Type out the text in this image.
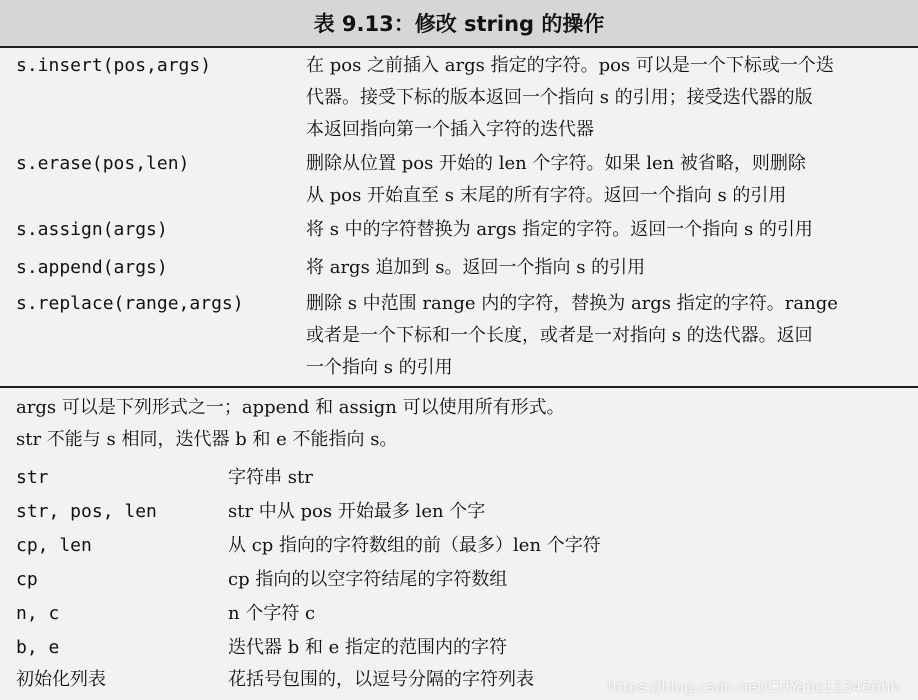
表 9.13：修改 string 的操作
s.insert(pos,args)	在 pos 之前插入 args 指定的字符。pos 可以是一个下标或一个迭
代器。接受下标的版本返回一个指向 s 的引用；接受迭代器的版
本返回指向第一个插入字符的迭代器
s.erase(pos,len)	删除从位置 pos 开始的 len 个字符。如果 len 被省略，则删除
从 pos 开始直至 s 末尾的所有字符。返回一个指向 s 的引用
s.assign(args)	将 s 中的字符替换为 args 指定的字符。返回一个指向 s 的引用
s.append(args)	将 args 追加到 s。返回一个指向 s 的引用
s.replace(range,args)	删除 s 中范围 range 内的字符，替换为 args 指定的字符。range
或者是一个下标和一个长度，或者是一对指向 s 的迭代器。返回
一个指向 s 的引用
args 可以是下列形式之一；append 和 assign 可以使用所有形式。
str 不能与 s 相同，迭代器 b 和 e 不能指向 s。
str	字符串 str
str, pos, len	str 中从 pos 开始最多 len 个字
cp, len	从 cp 指向的字符数组的前（最多）len 个字符
cp	cp 指向的以空字符结尾的字符数组
n, c	n 个字符 c
b, e	迭代器 b 和 e 指定的范围内的字符
初始化列表	花括号包围的，以逗号分隔的字符列表	https://blog.csdn.net/CHYabc123456hh
